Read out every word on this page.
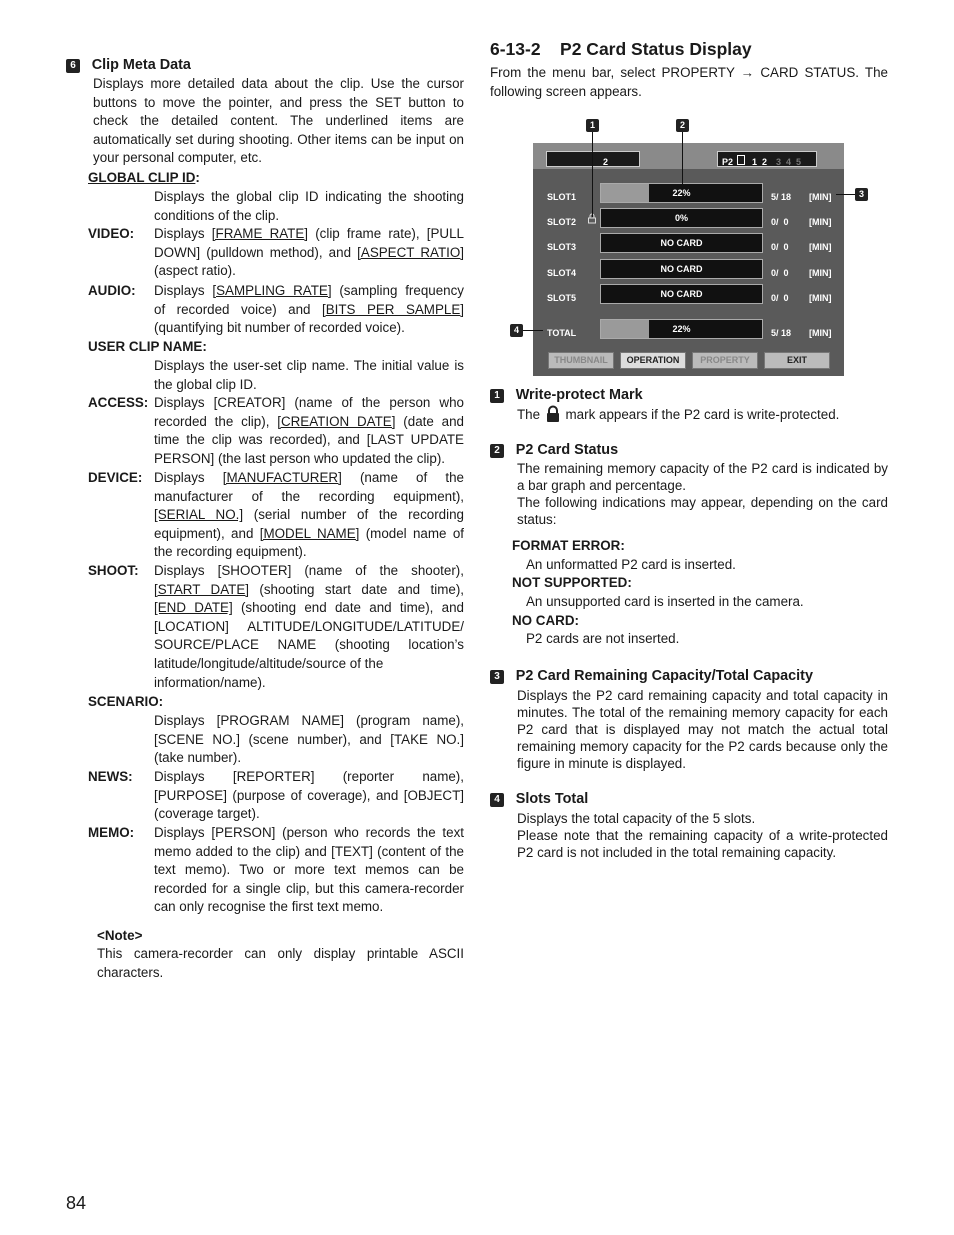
6 Clip Meta Data
Displays more detailed data about the clip. Use the cursor buttons to move the pointer, and press the SET button to check the detailed content. The underlined items are automatically set during shooting. Other items can be input on your personal computer, etc.
GLOBAL CLIP ID:
Displays the global clip ID indicating the shooting conditions of the clip.
VIDEO: Displays [FRAME RATE] (clip frame rate), [PULL
DOWN] (pulldown method), and [ASPECT RATIO]
(aspect ratio).
AUDIO: Displays [SAMPLING RATE] (sampling frequency
of recorded voice) and [BITS PER SAMPLE]
(quantifying bit number of recorded voice).
USER CLIP NAME:
Displays the user-set clip name. The initial value is the global clip ID.
ACCESS: Displays [CREATOR] (name of the person who
recorded the clip), [CREATION DATE] (date and
time the clip was recorded), and [LAST UPDATE
PERSON] (the last person who updated the clip).
DEVICE: Displays [MANUFACTURER] (name of the
manufacturer of the recording equipment),
[SERIAL NO.] (serial number of the recording
equipment), and [MODEL NAME] (model name of
the recording equipment).
SHOOT: Displays [SHOOTER] (name of the shooter),
[START DATE] (shooting start date and time),
[END DATE] (shooting end date and time), and
[LOCATION] ALTITUDE/LONGITUDE/LATITUDE/
SOURCE/PLACE NAME (shooting location’s
latitude/longitude/altitude/source of the
information/name).
SCENARIO:
Displays [PROGRAM NAME] (program name), [SCENE NO.] (scene number), and [TAKE NO.] (take number).
NEWS: Displays [REPORTER] (reporter name), [PURPOSE] (purpose of coverage), and [OBJECT] (coverage target).
MEMO: Displays [PERSON] (person who records the text memo added to the clip) and [TEXT] (content of the text memo). Two or more text memos can be recorded for a single clip, but this camera-recorder can only recognise the first text memo.
<Note>
This camera-recorder can only display printable ASCII characters.
6-13-2    P2 Card Status Display
From the menu bar, select PROPERTY → CARD STATUS. The following screen appears.
1 Write-protect Mark
The  mark appears if the P2 card is write-protected.
2 P2 Card Status
The remaining memory capacity of the P2 card is indicated by a bar graph and percentage.
The following indications may appear, depending on the card status:
FORMAT ERROR:
An unformatted P2 card is inserted.
NOT SUPPORTED:
An unsupported card is inserted in the camera.
NO CARD:
P2 cards are not inserted.
3 P2 Card Remaining Capacity/Total Capacity
Displays the P2 card remaining capacity and total capacity in minutes. The total of the remaining memory capacity for each P2 card that is displayed may not match the actual total remaining memory capacity for the P2 cards because only the figure in minute is displayed.
4 Slots Total
Displays the total capacity of the 5 slots.
Please note that the remaining capacity of a write-protected P2 card is not included in the total remaining capacity.
2	P2 1  2 3  4  5
SLOT1	22%	5/ 18 [MIN]
SLOT2	0%	0/  0 [MIN]
SLOT3	NO CARD	0/  0 [MIN]
SLOT4	NO CARD	0/  0 [MIN]
SLOT5	NO CARD	0/  0 [MIN]
TOTAL	22%	5/ 18 [MIN]
THUMBNAIL	OPERATION	PROPERTY	EXIT
1	2
3
4
84
